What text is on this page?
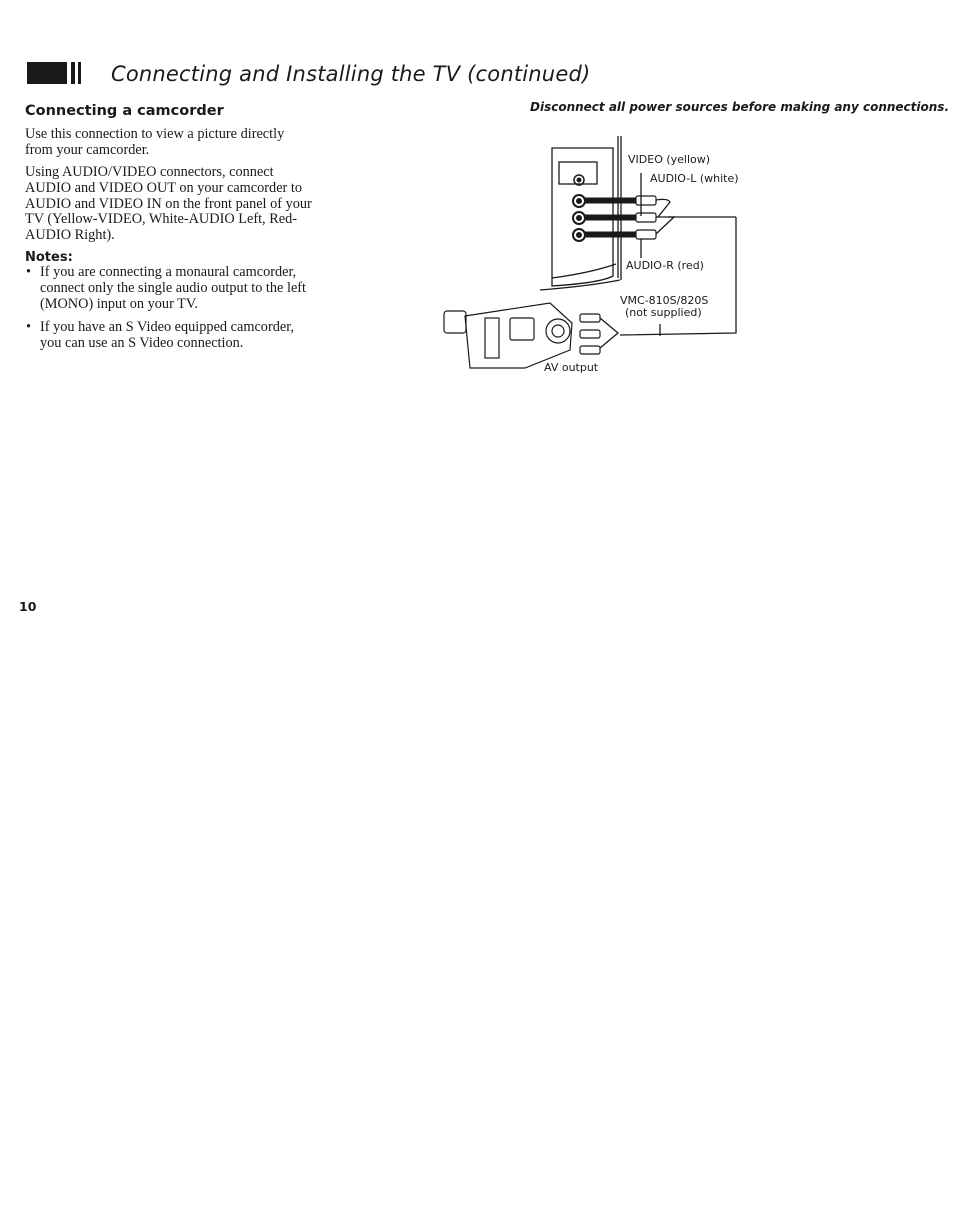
Connecting and Installing the TV (continued)
Connecting a camcorder	Disconnect all power sources before making any connections.

Use this connection to view a picture directly from your camcorder.

Using AUDIO/VIDEO connectors, connect AUDIO and VIDEO OUT on your camcorder to AUDIO and VIDEO IN on the front panel of your TV (Yellow-VIDEO, White-AUDIO Left, Red-AUDIO Right).

Notes:

• If you are connecting a monaural camcorder, connect only the single audio output to the left (MONO) input on your TV.
• If you have an S Video equipped camcorder, you can use an S Video connection.
VIDEO (yellow)
AUDIO-L (white)
AUDIO-R (red)
VMC-810S/820S
(not supplied)
AV output

10
